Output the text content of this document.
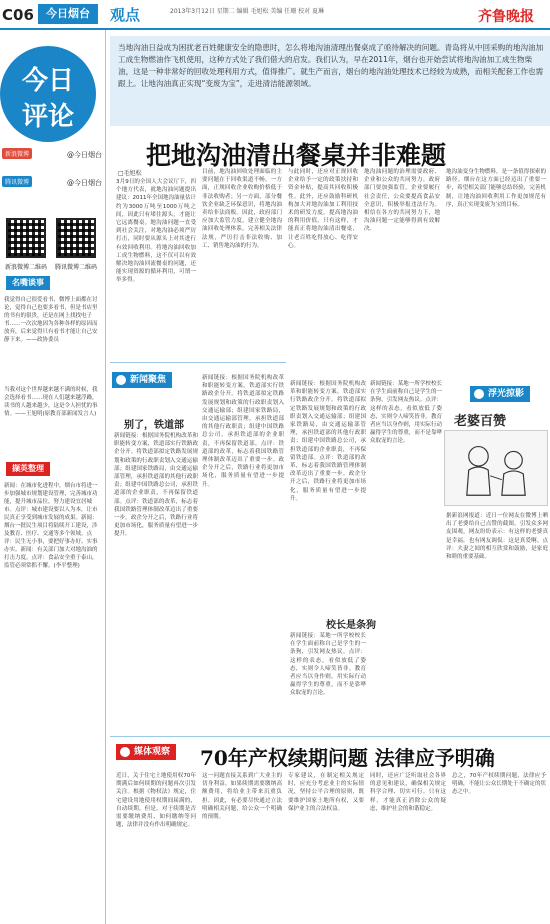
C06	今日烟台	观点	2013年3月12日 星期二 编辑 毛旭松 美编 任珊 校对 夏琳	齐鲁晚报
今日
评论
新浪微博	@今日烟台
腾讯微博	@今日烟台
新浪微博二维码	腾讯微博二维码
名嘴谈事
我觉得自己很爱看书，微博上面都在讨论，觉得自己也要多看书，但是书店里的书有的很贵，还是在网上找找电子书……一次次地因为各种各样的原因而放弃，后来觉得只有看书才能让自己安静下来。——政协委员
当我对这个世界越来越不满的时候，我会选择看书……现在人们越来越浮躁，读书的人越来越少，这是令人担忧的事情。——王旭明(原教育部新闻发言人)
撷英整理
新闻：在城市化进程中，烟台市将进一步加强城市规划建设管理，完善城市功能，提升城市品位，努力建设宜居城市。点评：城市建设要以人为本，让市民真正享受到城市发展的成果。新闻：烟台一批民生项目将陆续开工建设，涉及教育、医疗、交通等多个领域。点评：民生无小事，要把好事办好、实事办实。新闻：有关部门加大对地沟油的打击力度。点评：食品安全重于泰山，监管必须常抓不懈。(李平整理)
当地沟油日益成为困扰老百姓健康安全的隐患时，怎么将地沟油清理出餐桌成了亟待解决的问题。青岛将从中回采购的地沟油加工成生物燃油作飞机使用，这种方式处了我们借大的启发。我们认为，早在2011年，烟台也开始尝试将地沟油加工成生物柴油，这是一种非常好的回收处理利用方式，值得推广。就生产而言，烟台的地沟油处理技术已经较为成熟，而相关配套工作也需跟上。让地沟油真正实现“变废为宝”，走进清洁能源领域。
把地沟油清出餐桌并非难题
□毛旭松
3月9日的全国人大会议厅下，四个地方代表，就地沟油问题提出建议：2011年全国地沟油量估计约为3000万吨至1000万吨之间，因此只有堵住源头，才能让它远离餐桌。地沟油问题一直受到社会关注，对地沟油必须严厉打击，同时要从源头上对其进行有效回收利用。将地沟油回收加工成生物燃料，这不仅可以有效解决地沟油回流餐桌的问题，还能实现资源的循环利用，可谓一举多得。
目前，地沟油回收处理面临的主要问题在于回收渠道不畅。一方面，正规回收企业收购价格低于非法收购者；另一方面，部分餐饮企业缺乏环保意识，将地沟油卖给非法商贩。因此，政府部门应加大监管力度，建立健全地沟油回收处理体系，完善相关法律法规，严厉打击非法收购、加工、销售地沟油的行为。
与此同时，还应对正规回收企业给予一定的政策扶持和资金补贴，提高其回收积极性。此外，还应鼓励科研机构加大对地沟油加工利用技术的研发力度，提高地沟油的利用价值。只有这样，才能真正将地沟油清出餐桌，让老百姓吃得放心、吃得安心。
地沟油问题的治理需要政府、企业和公众的共同努力。政府部门要加强监管，企业要履行社会责任，公众要提高食品安全意识，积极举报违法行为。相信在各方的共同努力下，地沟油问题一定能够得到有效解决。
地沟油变身生物燃料，是一条值得探索的路径。烟台在这方面已经迈出了重要一步，希望相关部门能够总结经验，完善机制，让地沟油回收利用工作更加规范有序，真正实现变废为宝的目标。
新闻聚焦
别了，铁道部
新闻链接：根据国务院机构改革和职能转变方案，铁道部实行铁路政企分开。将铁道部拟定铁路发展规划和政策的行政职责划入交通运输部；组建国家铁路局，由交通运输部管理，承担铁道部的其他行政职责；组建中国铁路总公司，承担铁道部的企业职责，不再保留铁道部。点评：铁道部的改革，标志着我国铁路管理体制改革迈出了重要一步。政企分开之后，铁路行业将更加市场化，服务质量有望进一步提升。
新闻链接：根据国务院机构改革和职能转变方案，铁道部实行铁路政企分开。将铁道部拟定铁路发展规划和政策的行政职责划入交通运输部；组建国家铁路局，由交通运输部管理，承担铁道部的其他行政职责；组建中国铁路总公司，承担铁道部的企业职责，不再保留铁道部。点评：铁道部的改革，标志着我国铁路管理体制改革迈出了重要一步。政企分开之后，铁路行业将更加市场化，服务质量有望进一步提升。
新闻链接：根据国务院机构改革和职能转变方案，铁道部实行铁路政企分开。将铁道部拟定铁路发展规划和政策的行政职责划入交通运输部；组建国家铁路局，由交通运输部管理，承担铁道部的其他行政职责；组建中国铁路总公司，承担铁道部的企业职责，不再保留铁道部。点评：铁道部的改革，标志着我国铁路管理体制改革迈出了重要一步。政企分开之后，铁路行业将更加市场化，服务质量有望进一步提升。
校长是条狗
新闻链接：某地一所学校校长在学生面前称自己是学生的一条狗，引发网友热议。点评：这样的表态，看似放低了姿态，实则令人啼笑皆非。教育者应当以身作则，用实际行动赢得学生的尊重，而不是靠哗众取宠的言论。
新闻链接：某地一所学校校长在学生面前称自己是学生的一条狗，引发网友热议。点评：这样的表态，看似放低了姿态，实则令人啼笑皆非。教育者应当以身作则，用实际行动赢得学生的尊重，而不是靠哗众取宠的言论。
浮光掠影
老婆百赞
据新浪网报道：近日一位网友在微博上晒出了老婆给自己点赞的截图，引发众多网友围观。网友纷纷表示：有这样的老婆真是幸福。也有网友调侃：这是真爱啊。点评：夫妻之间的相互欣赏和鼓励，是家庭和睦的重要基础。
媒体观察	70年产权续期问题 法律应予明确
近日，关于住宅土地使用权70年期满后如何续期的问题再次引发关注。根据《物权法》规定，住宅建设用地使用权期间届满的，自动续期。但是，对于续期是否需要缴纳费用、如何缴纳等问题，法律并没有作出明确规定。
这一问题直接关系到广大业主的切身利益。如果续期需要缴纳高额费用，将给业主带来沉重负担。因此，有必要尽快通过立法明确相关问题，给公众一个明确的预期。
专家建议，在制定相关规定时，应充分考虑业主的实际情况，坚持公平合理的原则，既要维护国家土地所有权，又要保护业主的合法权益。
同时，还应广泛听取社会各界的意见和建议，确保相关规定科学合理、切实可行。只有这样，才能真正消除公众的疑虑，维护社会的和谐稳定。
总之，70年产权续期问题，法律应予明确，不能让公众长期处于不确定的状态之中。
